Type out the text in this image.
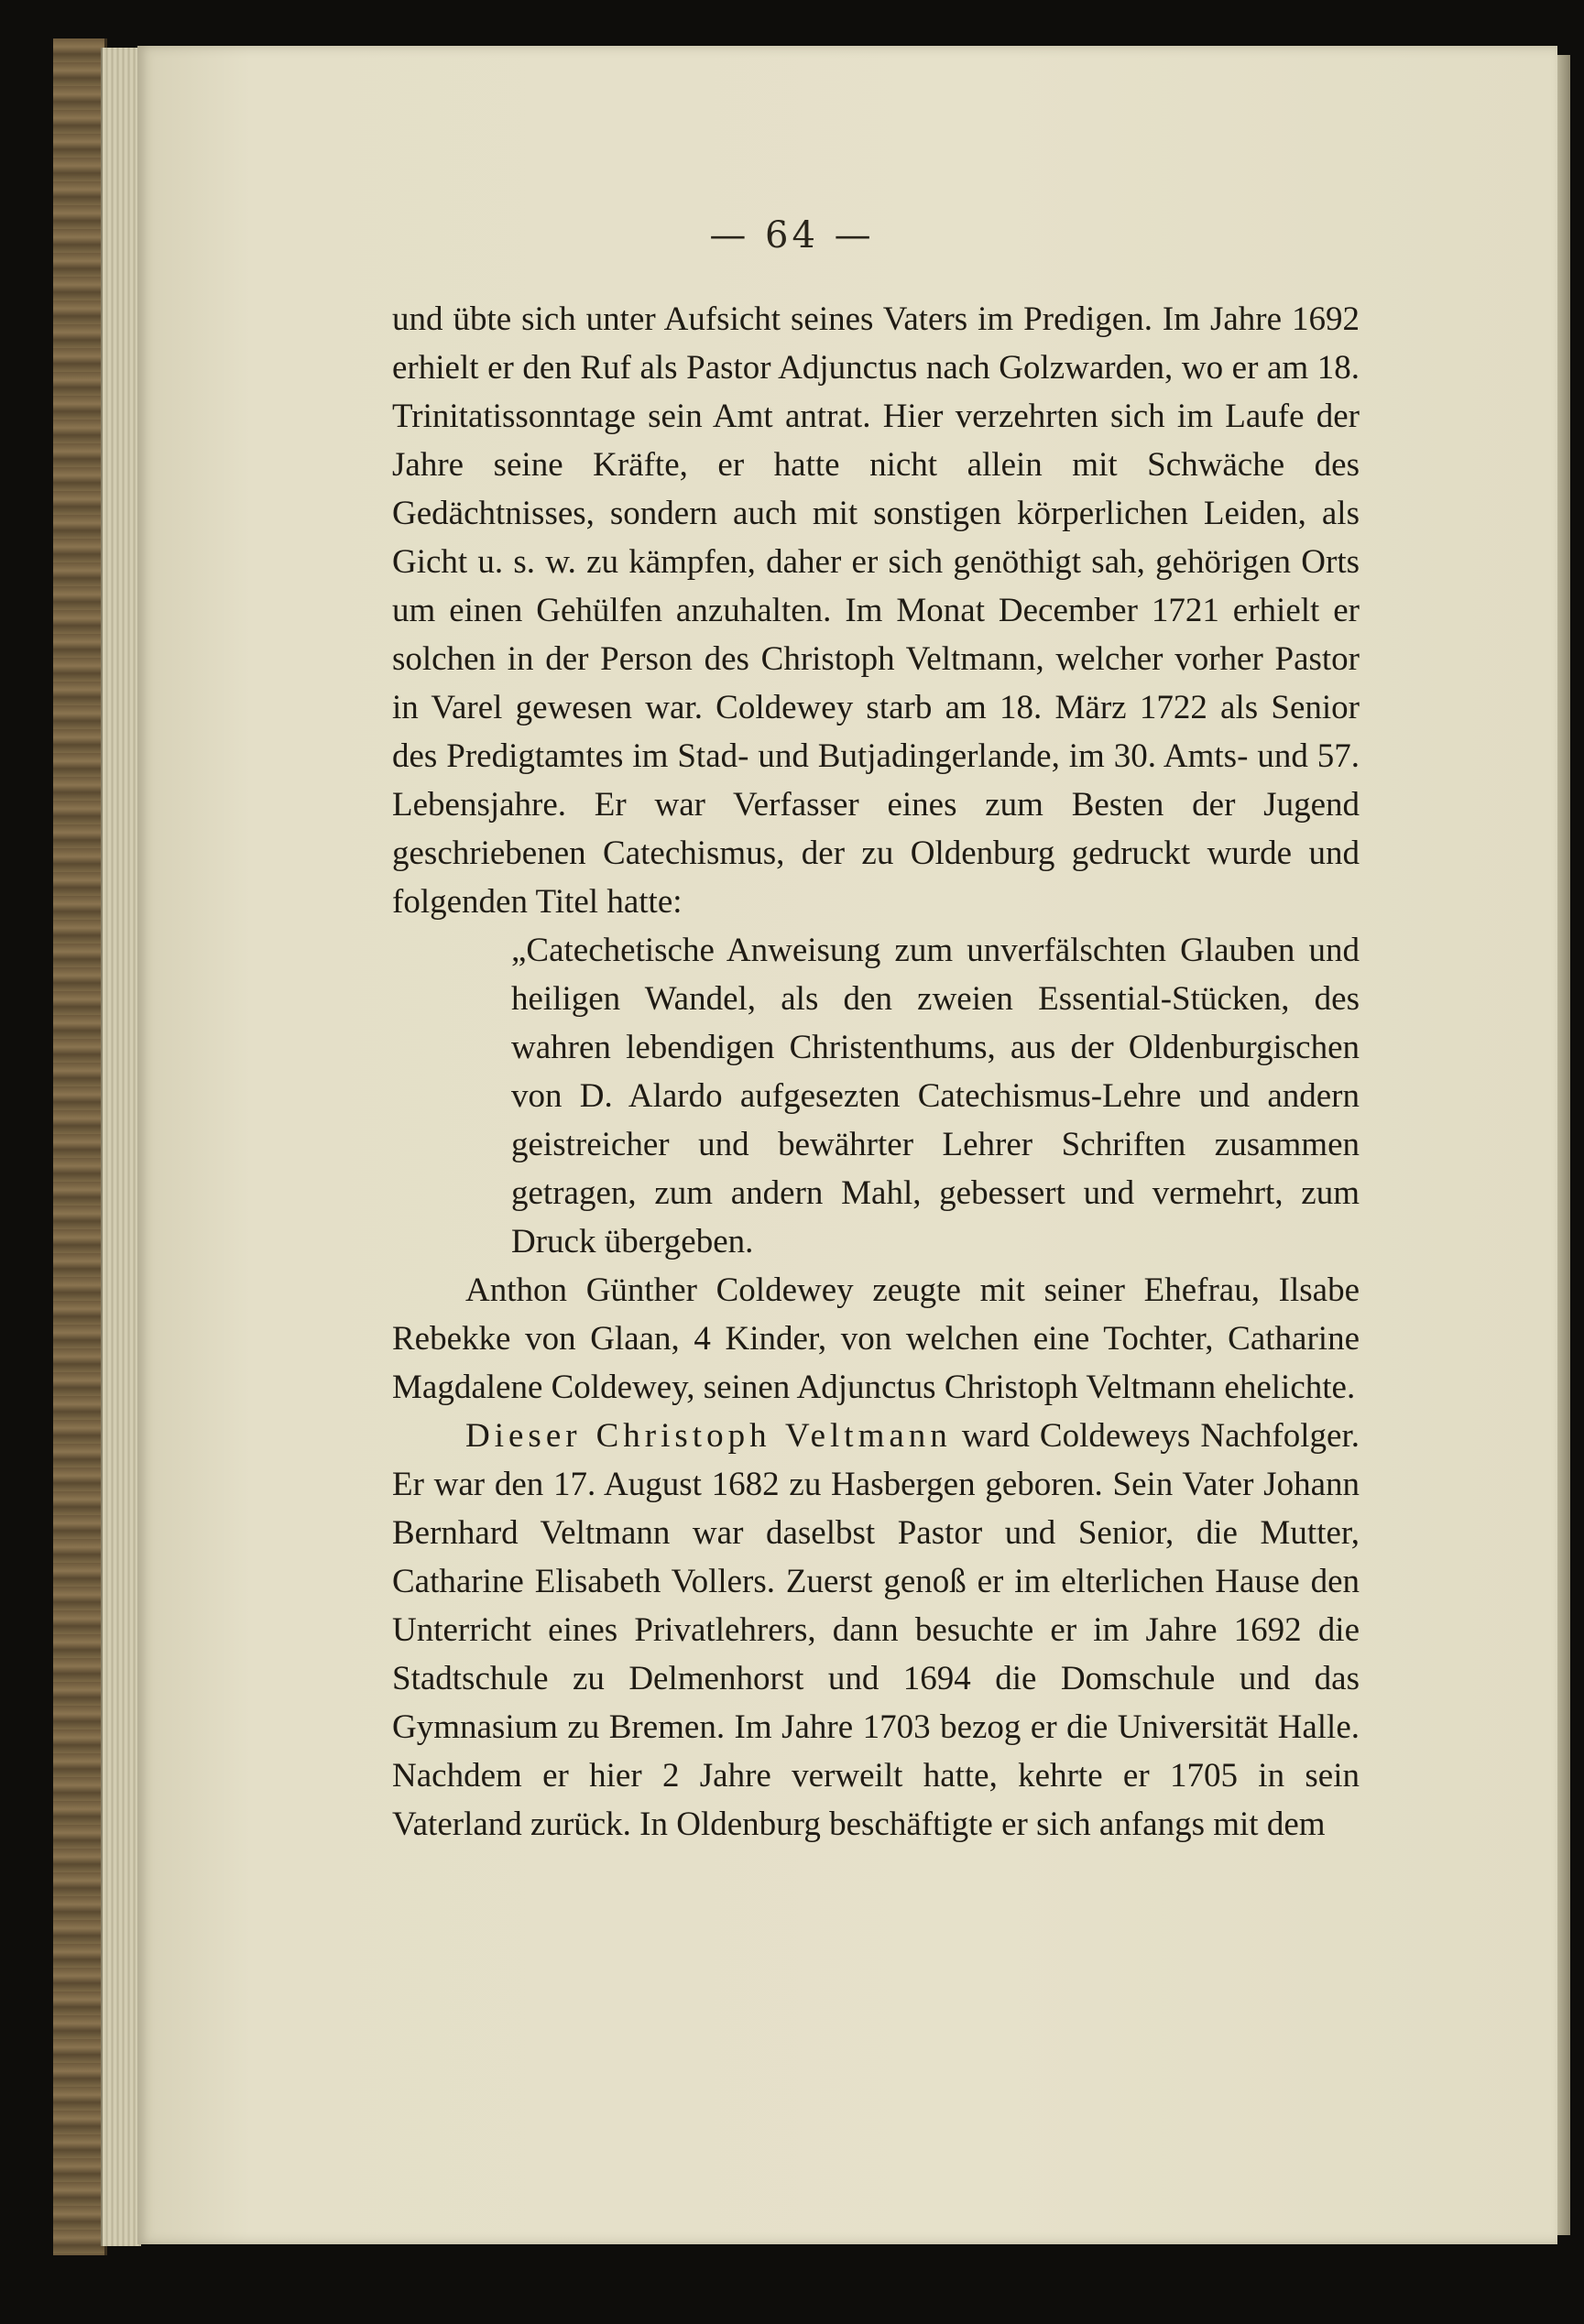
— 64 —

und übte sich unter Aufsicht seines Vaters im Predigen. Im Jahre 1692 erhielt er den Ruf als Pastor Adjunctus nach Golzwarden, wo er am 18. Trinitatissonntage sein Amt antrat. Hier verzehrten sich im Laufe der Jahre seine Kräfte, er hatte nicht allein mit Schwäche des Gedächtnisses, sondern auch mit sonstigen körperlichen Leiden, als Gicht u. s. w. zu kämpfen, daher er sich genöthigt sah, gehörigen Orts um einen Gehülfen anzuhalten. Im Monat December 1721 erhielt er solchen in der Person des Christoph Veltmann, welcher vorher Pastor in Varel gewesen war. Coldewey starb am 18. März 1722 als Senior des Predigtamtes im Stad- und Butjadingerlande, im 30. Amts- und 57. Lebensjahre. Er war Verfasser eines zum Besten der Jugend geschriebenen Catechismus, der zu Oldenburg gedruckt wurde und folgenden Titel hatte:

„Catechetische Anweisung zum unverfälschten Glauben und heiligen Wandel, als den zweien Essential-Stücken, des wahren lebendigen Christenthums, aus der Oldenburgischen von D. Alardo aufgesezten Catechismus-Lehre und andern geistreicher und bewährter Lehrer Schriften zusammen getragen, zum andern Mahl, gebessert und vermehrt, zum Druck übergeben.

Anthon Günther Coldewey zeugte mit seiner Ehefrau, Ilsabe Rebekke von Glaan, 4 Kinder, von welchen eine Tochter, Catharine Magdalene Coldewey, seinen Adjunctus Christoph Veltmann ehelichte.

Dieser Christoph Veltmann ward Coldeweys Nachfolger. Er war den 17. August 1682 zu Hasbergen geboren. Sein Vater Johann Bernhard Veltmann war daselbst Pastor und Senior, die Mutter, Catharine Elisabeth Vollers. Zuerst genoß er im elterlichen Hause den Unterricht eines Privatlehrers, dann besuchte er im Jahre 1692 die Stadtschule zu Delmenhorst und 1694 die Domschule und das Gymnasium zu Bremen. Im Jahre 1703 bezog er die Universität Halle. Nachdem er hier 2 Jahre verweilt hatte, kehrte er 1705 in sein Vaterland zurück. In Oldenburg beschäftigte er sich anfangs mit dem
